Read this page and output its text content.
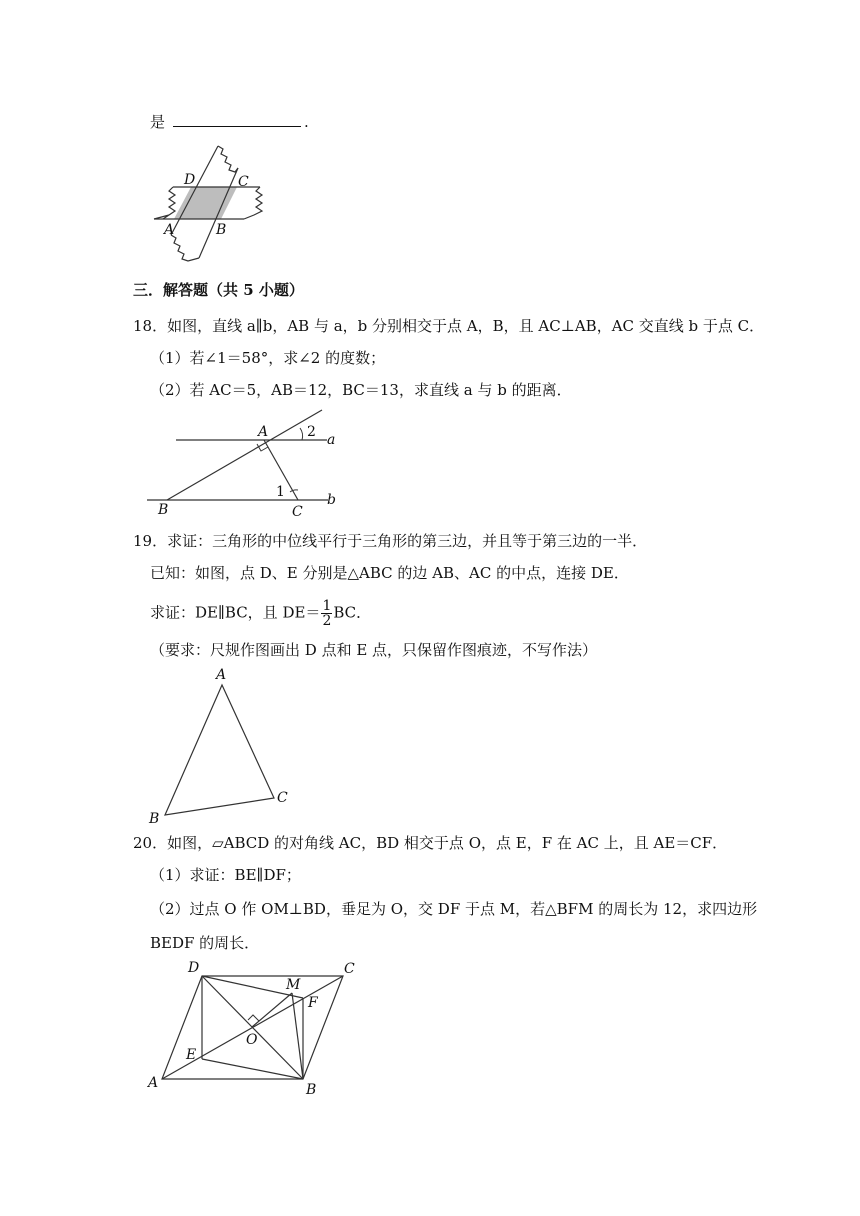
是	.
D	C
A	B
三．解答题（共 5 小题）
18．如图，直线 a∥b，AB 与 a，b 分别相交于点 A，B，且 AC⊥AB，AC 交直线 b 于点 C．
（1）若∠1＝58°，求∠2 的度数；
（2）若 AC＝5，AB＝12，BC＝13，求直线 a 与 b 的距离．
A
B	C
a
b
1
2
19．求证：三角形的中位线平行于三角形的第三边，并且等于第三边的一半．
已知：如图，点 D、E 分别是△ABC 的边 AB、AC 的中点，连接 DE．
求证：DE∥BC，且 $DE= \frac{1}{2}$ BC．
（要求：尺规作图画出 D 点和 E 点，只保留作图痕迹，不写作法）
A
B
C
20．如图，▱ABCD 的对角线 AC，BD 相交于点 O，点 E，F 在 AC 上，且 AE＝CF．
（1）求证：BE∥DF；
（2）过点 O 作 OM⊥BD，垂足为 O，交 DF 于点 M，若△BFM 的周长为 12，求四边形
BEDF 的周长．
D	C
M
F
O
E
A	B
